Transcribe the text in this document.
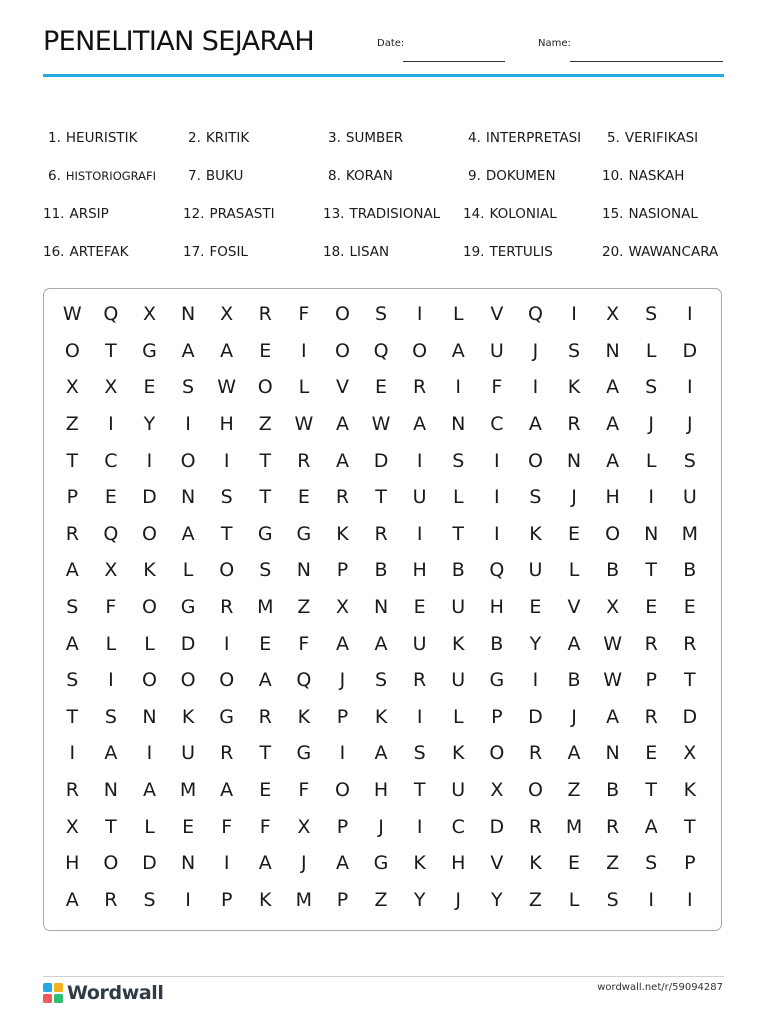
PENELITIAN SEJARAH	Date:	Name:
1. HEURISTIK	2. KRITIK	3. SUMBER	4. INTERPRETASI 5. VERIFIKASI
6. HISTORIOGRAFI 7. BUKU	8. KORAN	9. DOKUMEN	10. NASKAH
11. ARSIP	12. PRASASTI	13. TRADISIONAL 14. KOLONIAL	15. NASIONAL
16. ARTEFAK	17. FOSIL	18. LISAN	19. TERTULIS	20. WAWANCARA
W	Q	X	N	X	R	F	O	S	I	L	V	Q	I	X	S	I
O	T	G	A	A	E	I	O	Q	O	A	U	J	S	N	L	D
X	X	E	S	W	O	L	V	E	R	I	F	I	K	A	S	I
Z	I	Y	I	H	Z	W	A	W	A	N	C	A	R	A	J	J
T	C	I	O	I	T	R	A	D	I	S	I	O	N	A	L	S
P	E	D	N	S	T	E	R	T	U	L	I	S	J	H	I	U
R	Q	O	A	T	G	G	K	R	I	T	I	K	E	O	N	M
A	X	K	L	O	S	N	P	B	H	B	Q	U	L	B	T	B
S	F	O	G	R	M	Z	X	N	E	U	H	E	V	X	E	E
A	L	L	D	I	E	F	A	A	U	K	B	Y	A	W	R	R
S	I	O	O	O	A	Q	J	S	R	U	G	I	B	W	P	T
T	S	N	K	G	R	K	P	K	I	L	P	D	J	A	R	D
I	A	I	U	R	T	G	I	A	S	K	O	R	A	N	E	X
R	N	A	M	A	E	F	O	H	T	U	X	O	Z	B	T	K
X	T	L	E	F	F	X	P	J	I	C	D	R	M	R	A	T
H	O	D	N	I	A	J	A	G	K	H	V	K	E	Z	S	P
A	R	S	I	P	K	M	P	Z	Y	J	Y	Z	L	S	I	I
Wordwall	wordwall.net/r/59094287
